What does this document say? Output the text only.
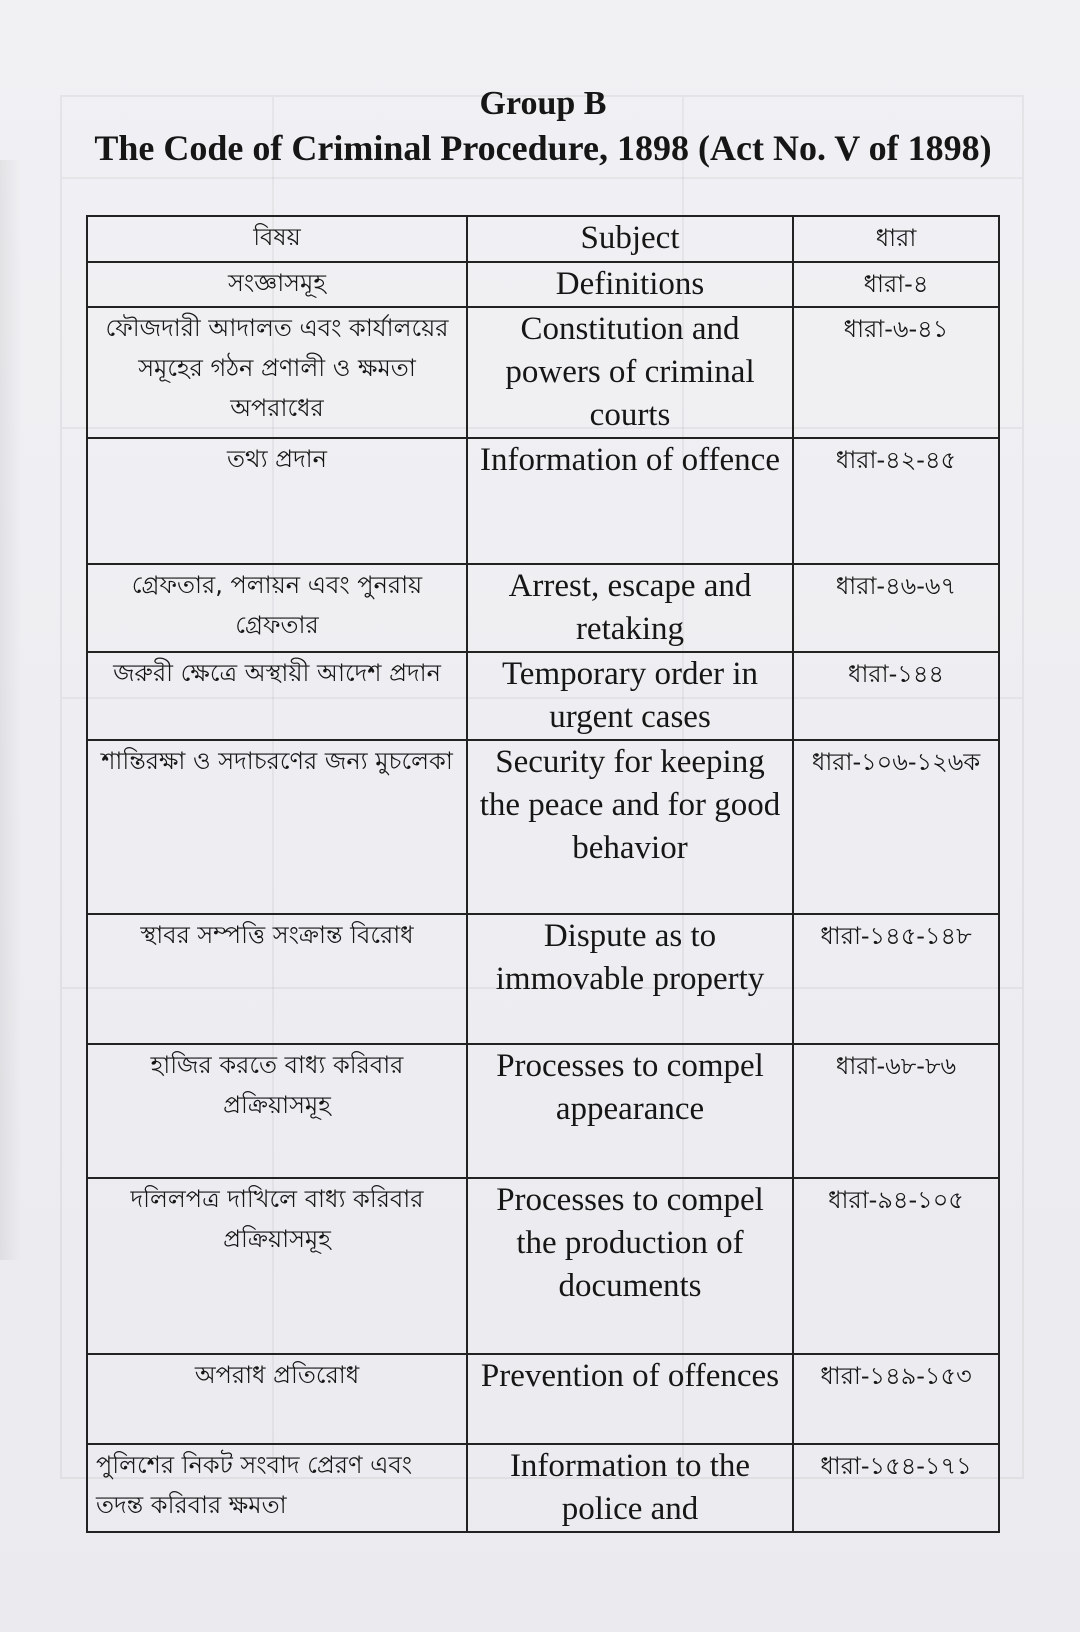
Group B
The Code of Criminal Procedure, 1898 (Act No. V of 1898)
বিষয়	Subject	ধারা

সংজ্ঞাসমূহ	Definitions	ধারা-৪

ফৌজদারী আদালত এবং কার্যালয়ের সমূহের গঠন প্রণালী ও ক্ষমতা অপরাধের	Constitution and powers of criminal courts	ধারা-৬-৪১

তথ্য প্রদান	Information of offence	ধারা-৪২-৪৫

গ্রেফতার, পলায়ন এবং পুনরায় গ্রেফতার	Arrest, escape and retaking	ধারা-৪৬-৬৭

জরুরী ক্ষেত্রে অস্থায়ী আদেশ প্রদান	Temporary order in urgent cases	ধারা-১৪৪

শান্তিরক্ষা ও সদাচরণের জন্য মুচলেকা	Security for keeping the peace and for good behavior	ধারা-১০৬-১২৬ক

স্থাবর সম্পত্তি সংক্রান্ত বিরোধ	Dispute as to immovable property	ধারা-১৪৫-১৪৮

হাজির করতে বাধ্য করিবার প্রক্রিয়াসমূহ	Processes to compel appearance	ধারা-৬৮-৮৬

দলিলপত্র দাখিলে বাধ্য করিবার প্রক্রিয়াসমূহ	Processes to compel the production of documents	ধারা-৯৪-১০৫

অপরাধ প্রতিরোধ	Prevention of offences	ধারা-১৪৯-১৫৩

পুলিশের নিকট সংবাদ প্রেরণ এবং তদন্ত করিবার ক্ষমতা	Information to the police and	ধারা-১৫৪-১৭১
